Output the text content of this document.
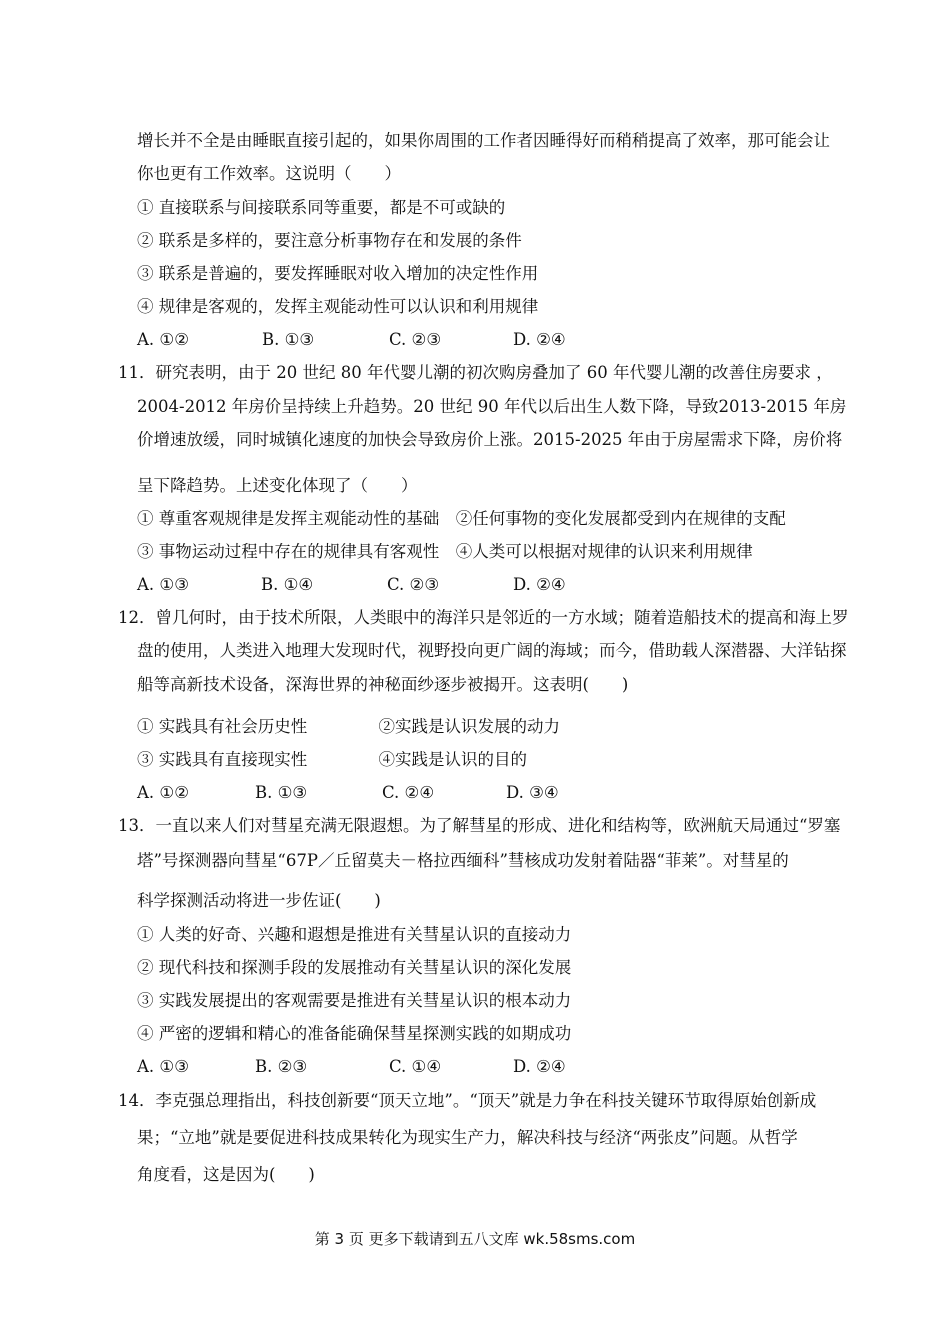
增长并不全是由睡眠直接引起的，如果你周围的工作者因睡得好而稍稍提高了效率，那可能会让
你也更有工作效率。这说明（　　）
① 直接联系与间接联系同等重要，都是不可或缺的
② 联系是多样的，要注意分析事物存在和发展的条件
③ 联系是普遍的，要发挥睡眠对收入增加的决定性作用
④ 规律是客观的，发挥主观能动性可以认识和利用规律
A. ①②	B. ①③	C. ②③	D. ②④
11．研究表明，由于 20 世纪 80 年代婴儿潮的初次购房叠加了 60 年代婴儿潮的改善住房要求 ，
2004-2012 年房价呈持续上升趋势。20 世纪 90 年代以后出生人数下降，导致2013-2015 年房
价增速放缓，同时城镇化速度的加快会导致房价上涨。2015-2025 年由于房屋需求下降，房价将
呈下降趋势。上述变化体现了（　　）
① 尊重客观规律是发挥主观能动性的基础　②任何事物的变化发展都受到内在规律的支配
③ 事物运动过程中存在的规律具有客观性　④人类可以根据对规律的认识来利用规律
A. ①③	B. ①④	C. ②③	D. ②④
12．曾几何时，由于技术所限，人类眼中的海洋只是邻近的一方水域；随着造船技术的提高和海上罗
盘的使用，人类进入地理大发现时代，视野投向更广阔的海域；而今，借助载人深潜器、大洋钻探
船等高新技术设备，深海世界的神秘面纱逐步被揭开。这表明(　　)
① 实践具有社会历史性　　　　 ②实践是认识发展的动力
③ 实践具有直接现实性　　　　 ④实践是认识的目的
A. ①②	B. ①③	C. ②④	D. ③④
13．一直以来人们对彗星充满无限遐想。为了解彗星的形成、进化和结构等，欧洲航天局通过“罗塞
塔”号探测器向彗星“67P／丘留莫夫－格拉西缅科”彗核成功发射着陆器“菲莱”。对彗星的
科学探测活动将进一步佐证(　　)
① 人类的好奇、兴趣和遐想是推进有关彗星认识的直接动力
② 现代科技和探测手段的发展推动有关彗星认识的深化发展
③ 实践发展提出的客观需要是推进有关彗星认识的根本动力
④ 严密的逻辑和精心的准备能确保彗星探测实践的如期成功
A. ①③	B. ②③	C. ①④	D. ②④
14．李克强总理指出，科技创新要“顶天立地”。“顶天”就是力争在科技关键环节取得原始创新成
果；“立地”就是要促进科技成果转化为现实生产力，解决科技与经济“两张皮”问题。从哲学
角度看，这是因为(　　)
第 3 页 更多下载请到五八文库 wk.58sms.com
